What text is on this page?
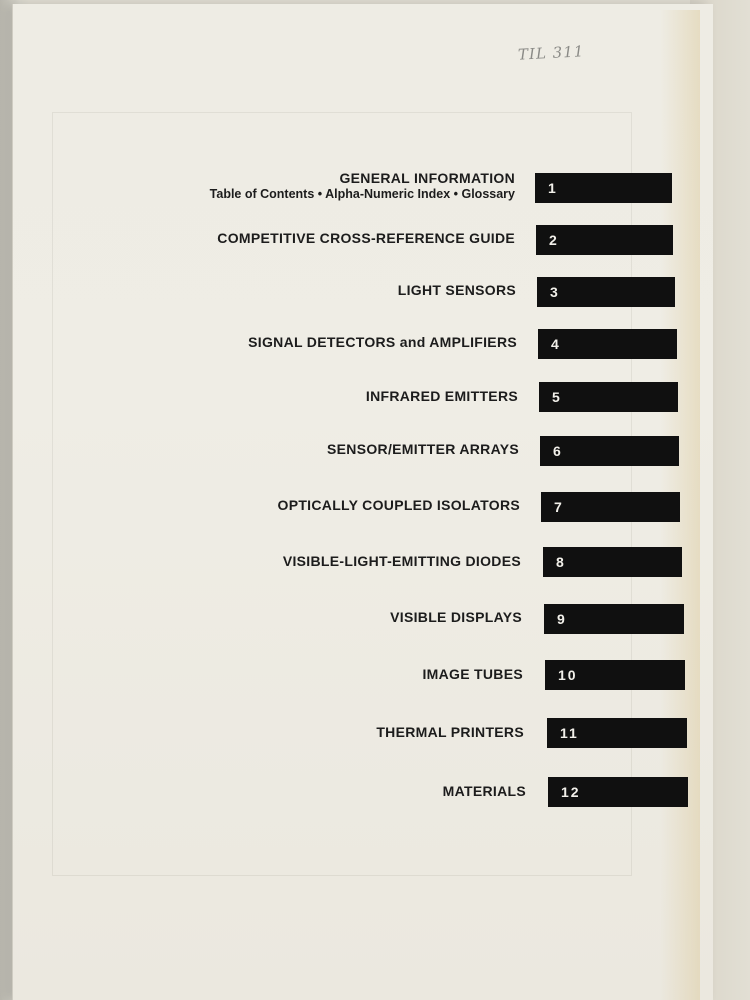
TIL 311
GENERAL INFORMATION
Table of Contents • Alpha-Numeric Index • Glossary	1
COMPETITIVE CROSS-REFERENCE GUIDE	2
LIGHT SENSORS	3
SIGNAL DETECTORS and AMPLIFIERS	4
INFRARED EMITTERS	5
SENSOR/EMITTER ARRAYS	6
OPTICALLY COUPLED ISOLATORS	7
VISIBLE-LIGHT-EMITTING DIODES	8
VISIBLE DISPLAYS	9
IMAGE TUBES	10
THERMAL PRINTERS	11
MATERIALS	12
